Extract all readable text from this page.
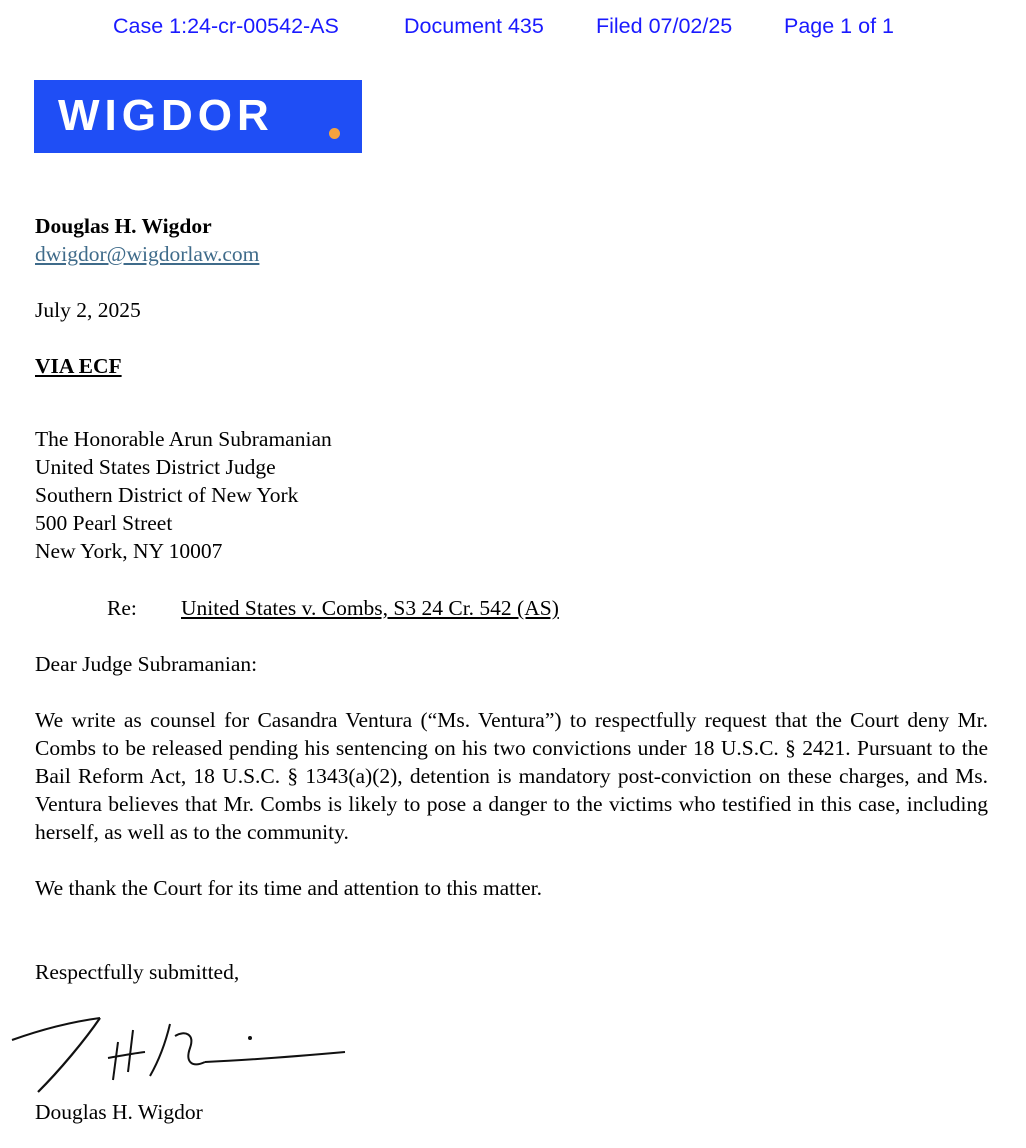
Case 1:24-cr-00542-AS	Document 435 Filed 07/02/25 Page 1 of 1
WIGDOR
Douglas H. Wigdor
dwigdor@wigdorlaw.com
July 2, 2025
VIA ECF
The Honorable Arun Subramanian
United States District Judge
Southern District of New York
500 Pearl Street
New York, NY 10007
Re: United States v. Combs, S3 24 Cr. 542 (AS)
Dear Judge Subramanian:
We write as counsel for Casandra Ventura (“Ms. Ventura”) to respectfully request that the Court deny Mr. Combs to be released pending his sentencing on his two convictions under 18 U.S.C. § 2421. Pursuant to the Bail Reform Act, 18 U.S.C. § 1343(a)(2), detention is mandatory post-conviction on these charges, and Ms. Ventura believes that Mr. Combs is likely to pose a danger to the victims who testified in this case, including herself, as well as to the community.
We thank the Court for its time and attention to this matter.
Respectfully submitted,
Douglas H. Wigdor
